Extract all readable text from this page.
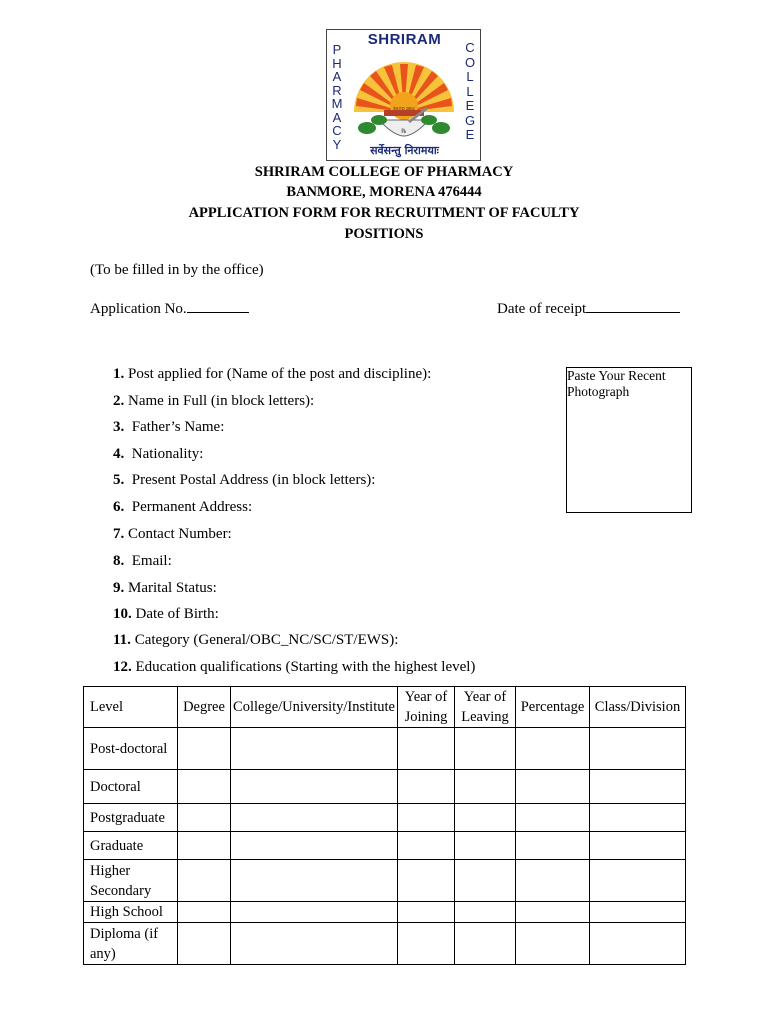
SHRIRAM
P
H
A
R
M
A
C
Y
C
O
L
L
E
G
E
ESTD 2002
℞
सर्वेसन्तु निरामयाः
SHRIRAM COLLEGE OF PHARMACY
BANMORE, MORENA 476444
APPLICATION FORM FOR RECRUITMENT OF FACULTY
POSITIONS
(To be filled in by the office)
Application No.	Date of receipt
Paste Your Recent Photograph
1. Post applied for (Name of the post and discipline):
2. Name in Full (in block letters):
3.  Father’s Name:
4.  Nationality:
5.  Present Postal Address (in block letters):
6.  Permanent Address:
7. Contact Number:
8.  Email:
9. Marital Status:
10. Date of Birth:
11. Category (General/OBC_NC/SC/ST/EWS):
12. Education qualifications (Starting with the highest level)
Level	Degree	College/University/Institute	Year of Joining	Year of Leaving	Percentage	Class/Division
Post-doctoral						
Doctoral						
Postgraduate						
Graduate						
Higher Secondary						
High School						
Diploma (if any)						
